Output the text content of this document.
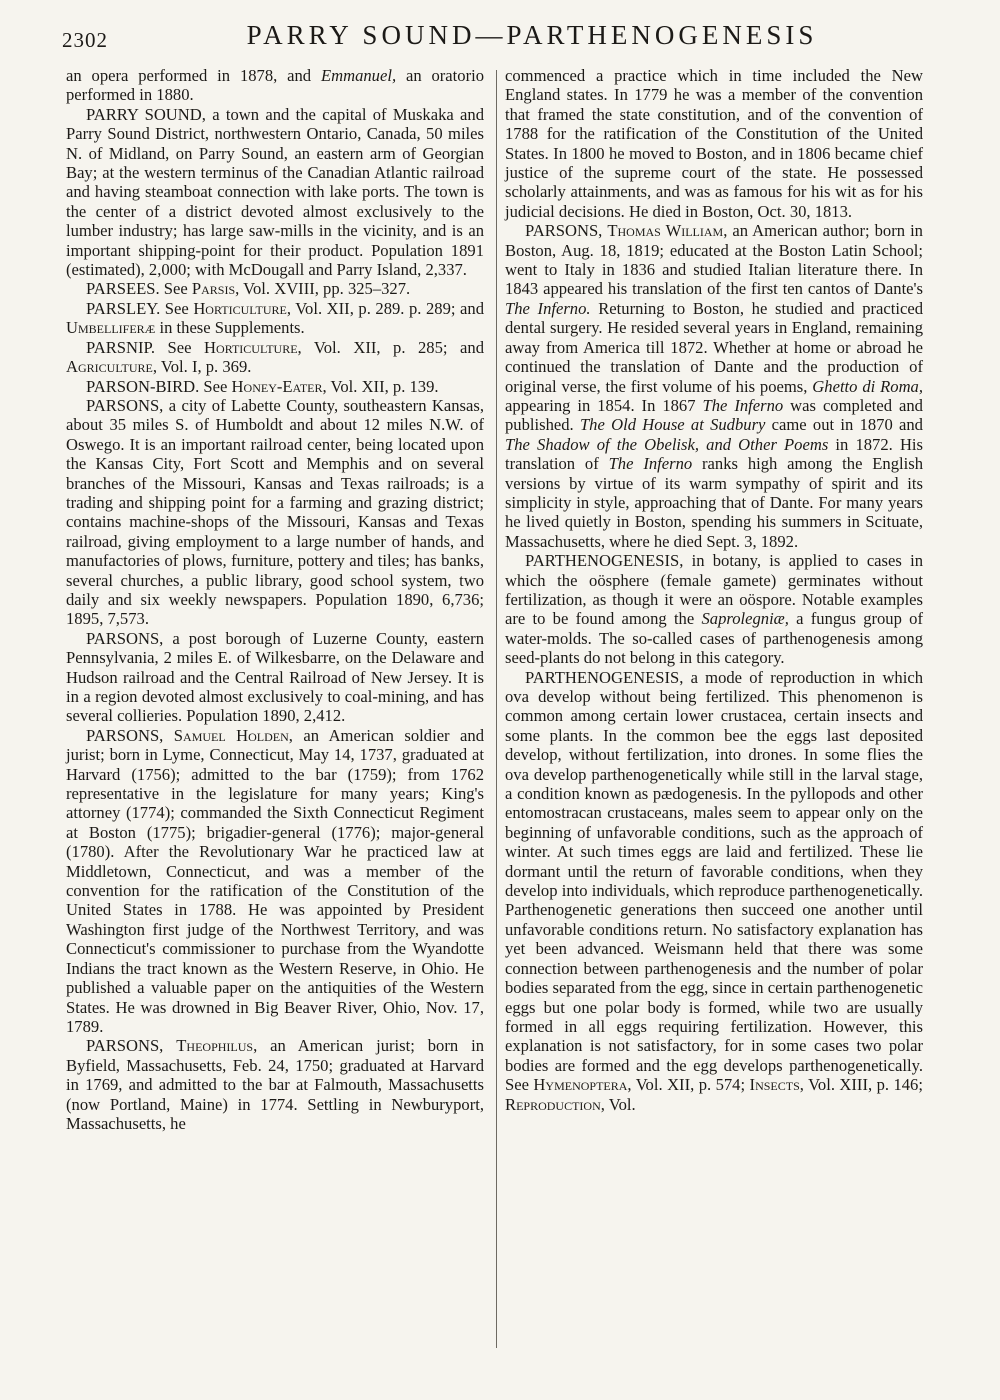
2302	PARRY SOUND—PARTHENOGENESIS

an opera performed in 1878, and Emmanuel, an oratorio performed in 1880.

PARRY SOUND, a town and the capital of Muskaka and Parry Sound District, northwestern Ontario, Canada, 50 miles N. of Midland, on Parry Sound, an eastern arm of Georgian Bay; at the western terminus of the Canadian Atlantic railroad and having steamboat connection with lake ports. The town is the center of a district devoted almost exclusively to the lumber industry; has large saw-mills in the vicinity, and is an important shipping-point for their product. Population 1891 (estimated), 2,000; with McDougall and Parry Island, 2,337.

PARSEES. See Parsis, Vol. XVIII, pp. 325–327.

PARSLEY. See Horticulture, Vol. XII, p. 289. p. 289; and Umbelliferæ in these Supplements.

PARSNIP. See Horticulture, Vol. XII, p. 285; and Agriculture, Vol. I, p. 369.

PARSON-BIRD. See Honey-Eater, Vol. XII, p. 139.

PARSONS, a city of Labette County, southeastern Kansas, about 35 miles S. of Humboldt and about 12 miles N.W. of Oswego. It is an important railroad center, being located upon the Kansas City, Fort Scott and Memphis and on several branches of the Missouri, Kansas and Texas railroads; is a trading and shipping point for a farming and grazing district; contains machine-shops of the Missouri, Kansas and Texas railroad, giving employment to a large number of hands, and manufactories of plows, furniture, pottery and tiles; has banks, several churches, a public library, good school system, two daily and six weekly newspapers. Population 1890, 6,736; 1895, 7,573.

PARSONS, a post borough of Luzerne County, eastern Pennsylvania, 2 miles E. of Wilkesbarre, on the Delaware and Hudson railroad and the Central Railroad of New Jersey. It is in a region devoted almost exclusively to coal-mining, and has several collieries. Population 1890, 2,412.

PARSONS, Samuel Holden, an American soldier and jurist; born in Lyme, Connecticut, May 14, 1737, graduated at Harvard (1756); admitted to the bar (1759); from 1762 representative in the legislature for many years; King's attorney (1774); commanded the Sixth Connecticut Regiment at Boston (1775); brigadier-general (1776); major-general (1780). After the Revolutionary War he practiced law at Middletown, Connecticut, and was a member of the convention for the ratification of the Constitution of the United States in 1788. He was appointed by President Washington first judge of the Northwest Territory, and was Connecticut's commissioner to purchase from the Wyandotte Indians the tract known as the Western Reserve, in Ohio. He published a valuable paper on the antiquities of the Western States. He was drowned in Big Beaver River, Ohio, Nov. 17, 1789.

PARSONS, Theophilus, an American jurist; born in Byfield, Massachusetts, Feb. 24, 1750; graduated at Harvard in 1769, and admitted to the bar at Falmouth, Massachusetts (now Portland, Maine) in 1774. Settling in Newburyport, Massachusetts, he

commenced a practice which in time included the New England states. In 1779 he was a member of the convention that framed the state constitution, and of the convention of 1788 for the ratification of the Constitution of the United States. In 1800 he moved to Boston, and in 1806 became chief justice of the supreme court of the state. He possessed scholarly attainments, and was as famous for his wit as for his judicial decisions. He died in Boston, Oct. 30, 1813.

PARSONS, Thomas William, an American author; born in Boston, Aug. 18, 1819; educated at the Boston Latin School; went to Italy in 1836 and studied Italian literature there. In 1843 appeared his translation of the first ten cantos of Dante's The Inferno. Returning to Boston, he studied and practiced dental surgery. He resided several years in England, remaining away from America till 1872. Whether at home or abroad he continued the translation of Dante and the production of original verse, the first volume of his poems, Ghetto di Roma, appearing in 1854. In 1867 The Inferno was completed and published. The Old House at Sudbury came out in 1870 and The Shadow of the Obelisk, and Other Poems in 1872. His translation of The Inferno ranks high among the English versions by virtue of its warm sympathy of spirit and its simplicity in style, approaching that of Dante. For many years he lived quietly in Boston, spending his summers in Scituate, Massachusetts, where he died Sept. 3, 1892.

PARTHENOGENESIS, in botany, is applied to cases in which the oösphere (female gamete) germinates without fertilization, as though it were an oöspore. Notable examples are to be found among the Saprolegniæ, a fungus group of water-molds. The so-called cases of parthenogenesis among seed-plants do not belong in this category.

PARTHENOGENESIS, a mode of reproduction in which ova develop without being fertilized. This phenomenon is common among certain lower crustacea, certain insects and some plants. In the common bee the eggs last deposited develop, without fertilization, into drones. In some flies the ova develop parthenogenetically while still in the larval stage, a condition known as pædogenesis. In the pyllopods and other entomostracan crustaceans, males seem to appear only on the beginning of unfavorable conditions, such as the approach of winter. At such times eggs are laid and fertilized. These lie dormant until the return of favorable conditions, when they develop into individuals, which reproduce parthenogenetically. Parthenogenetic generations then succeed one another until unfavorable conditions return. No satisfactory explanation has yet been advanced. Weismann held that there was some connection between parthenogenesis and the number of polar bodies separated from the egg, since in certain parthenogenetic eggs but one polar body is formed, while two are usually formed in all eggs requiring fertilization. However, this explanation is not satisfactory, for in some cases two polar bodies are formed and the egg develops parthenogenetically. See Hymenoptera, Vol. XII, p. 574; Insects, Vol. XIII, p. 146; Reproduction, Vol.
